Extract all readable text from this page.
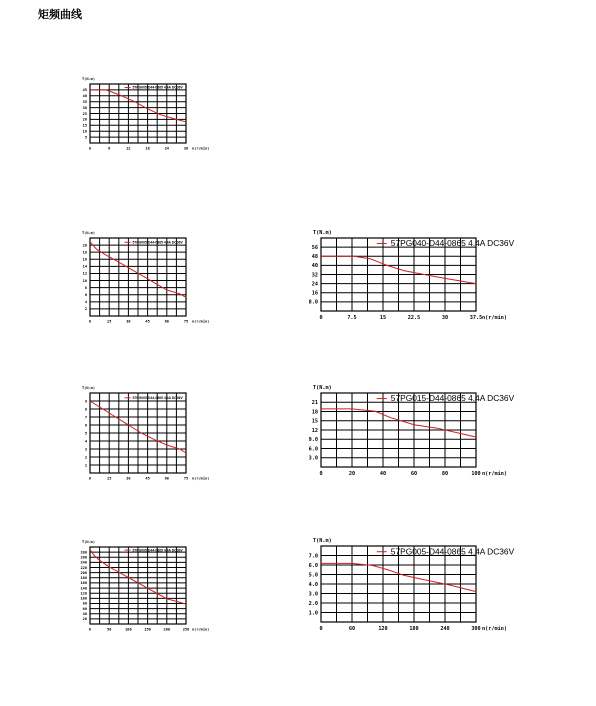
矩频曲线
45
40
35
30
25
20
15
10
5
0	6	12	18	24	30
T(N.m)
n(r/min)
57PG005-D44-0865 4.4A DC36V
20
18
16
14
12
10
8
6
4
2
0	15	30	45	60	75
T(N.m)
n(r/min)
57PG005-D44-0865 4.4A DC36V
56
48
40
32
24
16
8.0
0	7.5	15	22.5	30	37.5
T(N.m)
n(r/min)
57PG040-D44-0865 4.4A DC36V
9
8
7
6
5
4
3
2
1
0	15	30	45	60	75
T(N.m)
n(r/min)
57PG005-D44-0865 4.4A DC36V
21
18
15
12
9.0
6.0
3.0
0	20	40	60	80	100
T(N.m)
n(r/min)
57PG015-D44-0865 4.4A DC36V
280
260
240
220
200
180
160
140
120
100
80
60
40
20
0	50	100	150	200	250
T(N.m)
n(r/min)
57PG005-D44-0865 4.4A DC36V
7.0
6.0
5.0
4.0
3.0
2.0
1.0
0	60	120	180	240	300
T(N.m)
n(r/min)
57PG005-D44-0865 4.4A DC36V
